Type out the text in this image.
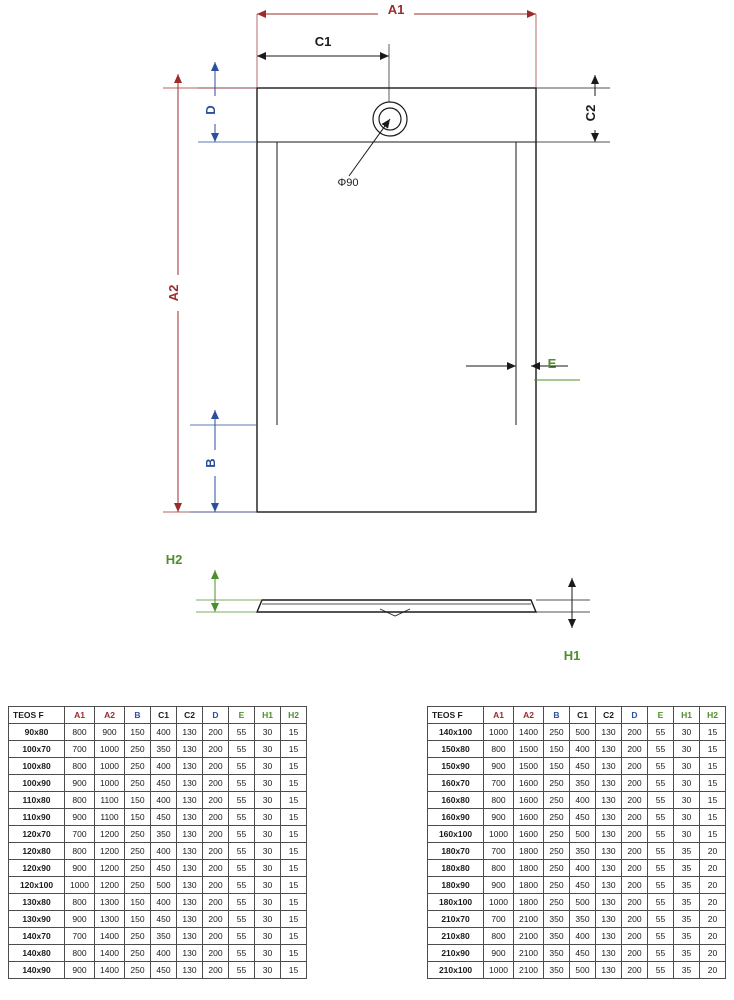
A1
C1
C2
D
A2
B
E
Φ90
H2
H1
TEOS F	A1	A2	B	C1	C2	D	E	H1	H2
90x80	800	900	150	400	130	200	55	30	15
100x70	700	1000	250	350	130	200	55	30	15
100x80	800	1000	250	400	130	200	55	30	15
100x90	900	1000	250	450	130	200	55	30	15
110x80	800	1100	150	400	130	200	55	30	15
110x90	900	1100	150	450	130	200	55	30	15
120x70	700	1200	250	350	130	200	55	30	15
120x80	800	1200	250	400	130	200	55	30	15
120x90	900	1200	250	450	130	200	55	30	15
120x100	1000	1200	250	500	130	200	55	30	15
130x80	800	1300	150	400	130	200	55	30	15
130x90	900	1300	150	450	130	200	55	30	15
140x70	700	1400	250	350	130	200	55	30	15
140x80	800	1400	250	400	130	200	55	30	15
140x90	900	1400	250	450	130	200	55	30	15
TEOS F	A1	A2	B	C1	C2	D	E	H1	H2
140x100	1000	1400	250	500	130	200	55	30	15
150x80	800	1500	150	400	130	200	55	30	15
150x90	900	1500	150	450	130	200	55	30	15
160x70	700	1600	250	350	130	200	55	30	15
160x80	800	1600	250	400	130	200	55	30	15
160x90	900	1600	250	450	130	200	55	30	15
160x100	1000	1600	250	500	130	200	55	30	15
180x70	700	1800	250	350	130	200	55	35	20
180x80	800	1800	250	400	130	200	55	35	20
180x90	900	1800	250	450	130	200	55	35	20
180x100	1000	1800	250	500	130	200	55	35	20
210x70	700	2100	350	350	130	200	55	35	20
210x80	800	2100	350	400	130	200	55	35	20
210x90	900	2100	350	450	130	200	55	35	20
210x100	1000	2100	350	500	130	200	55	35	20
